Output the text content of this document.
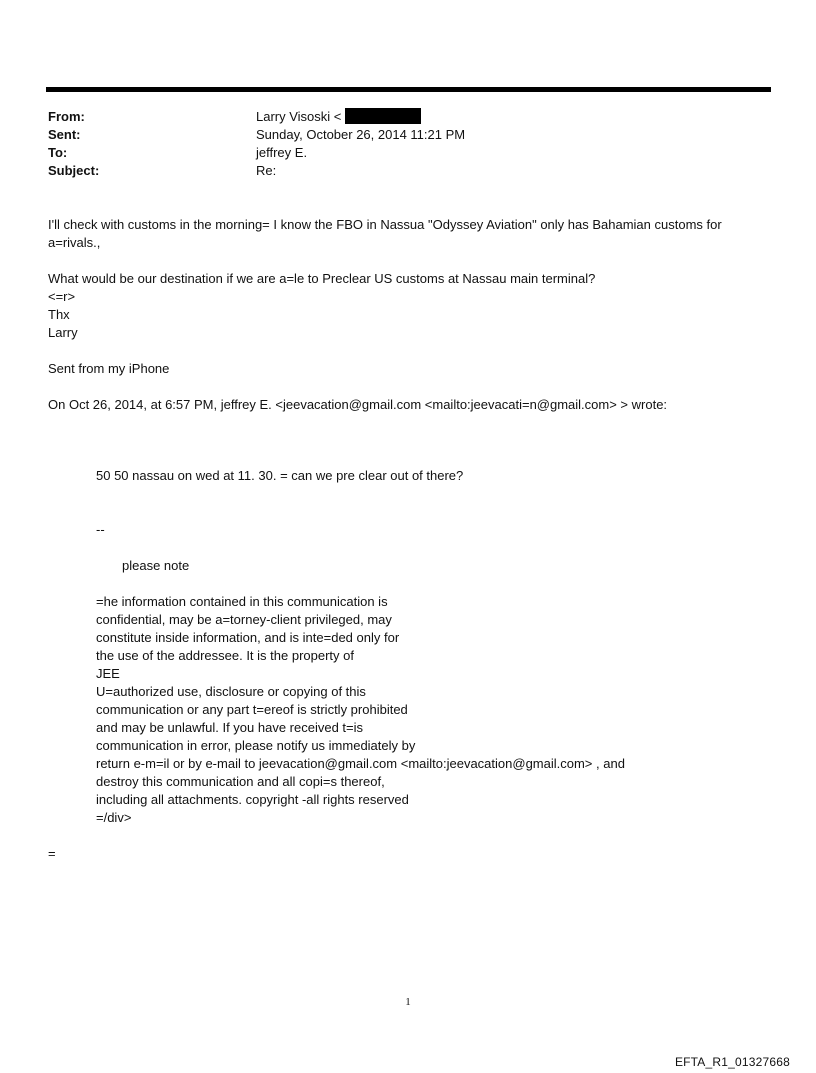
From:	Larry Visoski <
Sent:	Sunday, October 26, 2014 11:21 PM
To:	jeffrey E.
Subject:	Re:
I'll check with customs in the morning= I know the FBO in Nassua "Odyssey Aviation" only has Bahamian customs for
a=rivals.,
What would be our destination if we are a=le to Preclear US customs at Nassau main terminal?
<=r>
Thx
Larry
Sent from my iPhone
On Oct 26, 2014, at 6:57 PM, jeffrey E. <jeevacation@gmail.com <mailto:jeevacati=n@gmail.com> > wrote:
50 50 nassau on wed at 11. 30. = can we pre clear out of there?
--
please note
=he information contained in this communication is
confidential, may be a=torney-client privileged, may
constitute inside information, and is inte=ded only for
the use of the addressee. It is the property of
JEE
U=authorized use, disclosure or copying of this
communication or any part t=ereof is strictly prohibited
and may be unlawful. If you have received t=is
communication in error, please notify us immediately by
return e-m=il or by e-mail to jeevacation@gmail.com <mailto:jeevacation@gmail.com> , and
destroy this communication and all copi=s thereof,
including all attachments. copyright -all rights reserved
=/div>
=
1
EFTA_R1_01327668
